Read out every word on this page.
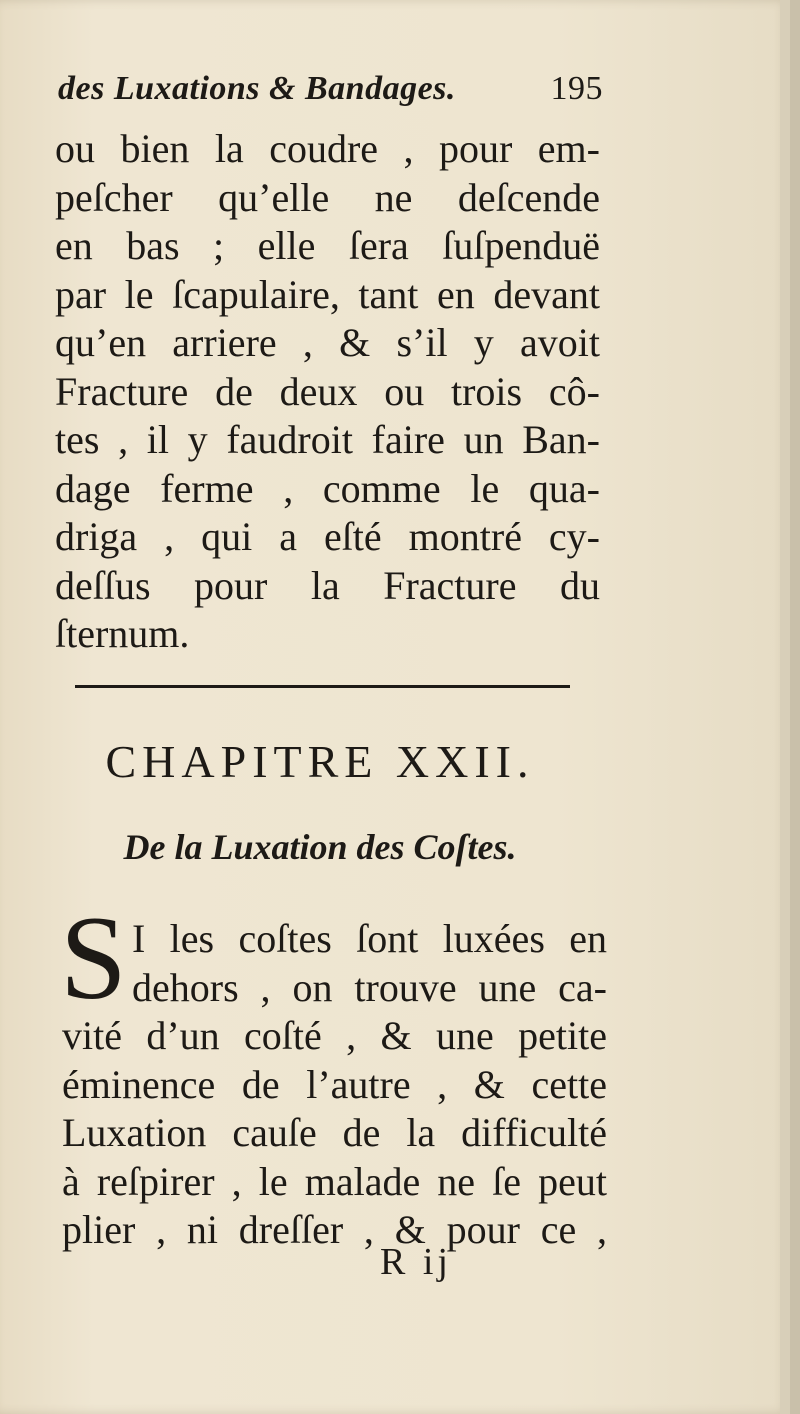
des Luxations & Bandages.	195
ou bien la coudre , pour em-
peſcher qu’elle ne deſcende
en bas ; elle ſera ſuſpenduë
par le ſcapulaire, tant en devant
qu’en arriere , & s’il y avoit
Fracture de deux ou trois cô-
tes , il y faudroit faire un Ban-
dage ferme , comme le qua-
driga , qui a eſté montré cy-
deſſus pour la Fracture du
ſternum.
CHAPITRE XXII.
De la Luxation des Coſtes.
S I les coſtes ſont luxées en
dehors , on trouve une ca-
vité d’un coſté , & une petite
éminence de l’autre , & cette
Luxation cauſe de la difficulté
à reſpirer , le malade ne ſe peut
plier , ni dreſſer , & pour ce ,
R ij
